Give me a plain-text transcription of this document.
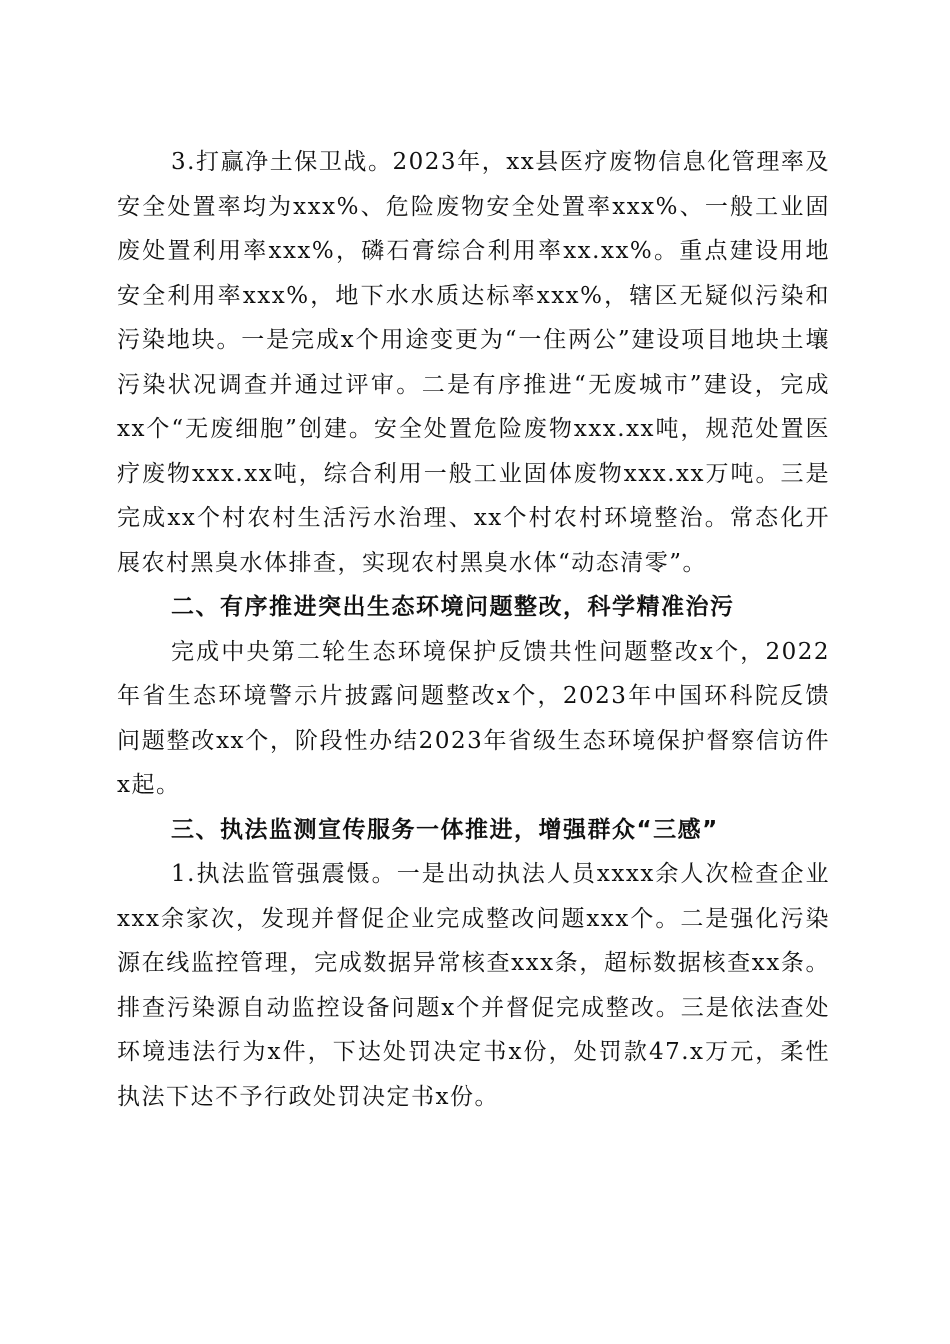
3.打赢净土保卫战。2023年，xx县医疗废物信息化管理率及安全处置率均为xxx%、危险废物安全处置率xxx%、一般工业固废处置利用率xxx%，磷石膏综合利用率xx.xx%。重点建设用地安全利用率xxx%，地下水水质达标率xxx%，辖区无疑似污染和污染地块。一是完成x个用途变更为“一住两公”建设项目地块土壤污染状况调查并通过评审。二是有序推进“无废城市”建设，完成xx个“无废细胞”创建。安全处置危险废物xxx.xx吨，规范处置医疗废物xxx.xx吨，综合利用一般工业固体废物xxx.xx万吨。三是完成xx个村农村生活污水治理、xx个村农村环境整治。常态化开展农村黑臭水体排查，实现农村黑臭水体“动态清零”。

二、有序推进突出生态环境问题整改，科学精准治污

完成中央第二轮生态环境保护反馈共性问题整改x个，2022年省生态环境警示片披露问题整改x个，2023年中国环科院反馈问题整改xx个，阶段性办结2023年省级生态环境保护督察信访件x起。

三、执法监测宣传服务一体推进，增强群众“三感”

1.执法监管强震慑。一是出动执法人员xxxx余人次检查企业xxx余家次，发现并督促企业完成整改问题xxx个。二是强化污染源在线监控管理，完成数据异常核查xxx条，超标数据核查xx条。排查污染源自动监控设备问题x个并督促完成整改。三是依法查处环境违法行为x件，下达处罚决定书x份，处罚款47.x万元，柔性执法下达不予行政处罚决定书x份。
